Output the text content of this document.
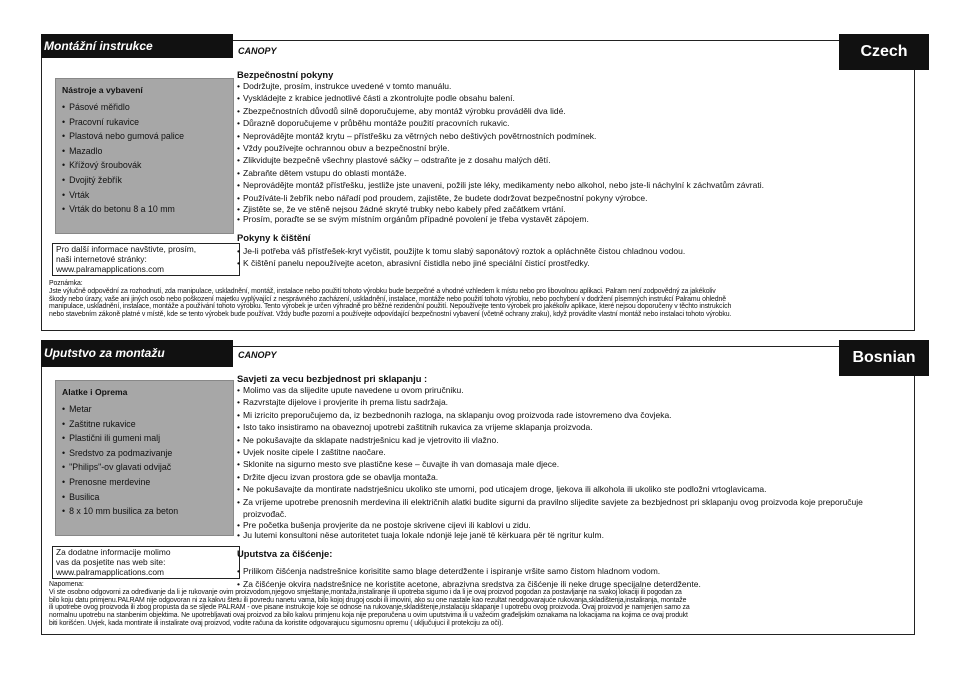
Montážní instrukce	CANOPY	Czech
Nástroje a vybavení
• Pásové měřidlo
• Pracovní rukavice
• Plastová nebo gumová palice
• Mazadlo
• Křížový šroubovák
• Dvojitý žebřík
• Vrták
• Vrták do betonu 8 a 10 mm
Pro další informace navštivte, prosím,
naši internetové stránky:
www.palramapplications.com
Bezpečnostní pokyny
• Dodržujte, prosím, instrukce uvedené v tomto manuálu.
• Vyskládejte z krabice jednotlivé části a zkontrolujte podle obsahu balení.
• Zbezpečnostních důvodů silně doporučujeme, aby montáž výrobku prováděli dva lidé.
• Důrazně doporučujeme v průběhu montáže použití pracovních rukavic.
• Neprovádějte montáž krytu – přístřešku za větrných nebo deštivých povětrnostních podmínek.
• Vždy používejte ochrannou obuv a bezpečnostní brýle.
• Zlikvidujte bezpečně všechny plastové sáčky – odstraňte je z dosahu malých dětí.
• Zabraňte dětem vstupu do oblasti montáže.
• Neprovádějte montáž přístřešku, jestliže jste unaveni, požili jste léky, medikamenty nebo alkohol, nebo jste-li náchylní k záchvatům závrati.
• Používáte-li žebřík nebo nářadí pod proudem, zajistěte, že budete dodržovat bezpečnostní pokyny výrobce.
• Zjistěte se, že ve stěně nejsou žádné skryté trubky nebo kabely před začátkem vrtání.
• Prosím, poraďte se se svým místním orgánům případné povolení je třeba vystavět zápojem.
Pokyny k čištění
• Je-li potřeba váš přístřešek-kryt vyčistit, použijte k tomu slabý saponátový roztok a opláchněte čistou chladnou vodou.
• K čištění panelu nepoužívejte aceton, abrasivní čistidla nebo jiné speciální čisticí prostředky.
Poznámka:
Jste výlučně odpovědní za rozhodnutí, zda manipulace, uskladnění, montáž, instalace nebo použití tohoto výrobku bude bezpečné a vhodné vzhledem k místu nebo pro libovolnou aplikaci. Palram není zodpovědný za jakékoliv
škody nebo úrazy, vaše ani jiných osob nebo poškození majetku vyplývající z nesprávného zacházení, uskladnění, instalace, montáže nebo použití tohoto výrobku, nebo pochybení v dodržení písemných instrukcí Palramu ohledně
manipulace, uskladnění, instalace, montáže a používání tohoto výrobku. Tento výrobek je určen výhradně pro běžné rezidenční použití. Nepoužívejte tento výrobek pro jakékoliv aplikace, které nejsou doporučeny v těchto instrukcích
nebo stavebním zákoně platné v místě, kde se tento výrobek bude používat. Vždy buďte pozorní a používejte odpovídající bezpečnostní vybavení (včetně ochrany zraku), když provádíte vlastní montáž nebo instalaci tohoto výrobku.
Uputstvo za montažu	CANOPY	Bosnian
Alatke i Oprema
• Metar
• Zaštitne rukavice
• Plastični ili gumeni malj
• Sredstvo za podmazivanje
• "Philips"-ov glavati odvijač
• Prenosne merdevine
• Busilica
• 8 x 10 mm busilica za beton
Za dodatne informacije molimo
vas da posjetite nas web site:
www.palramapplications.com
Savjeti za vecu bezbjednost pri sklapanju :
• Molimo vas da slijedite upute navedene u ovom priručniku.
• Razvrstajte dijelove i provjerite ih prema listu sadržaja.
• Mi izricito preporučujemo da, iz bezbednonih razloga, na sklapanju ovog proizvoda rade istovremeno dva čovjeka.
• Isto tako insistiramo na obaveznoj upotrebi zaštitnih rukavica za vrijeme sklapanja proizvoda.
• Ne pokušavajte da sklapate nadstrješnicu kad je vjetrovito ili vlažno.
• Uvjek nosite cipele I zaštitne naočare.
• Sklonite na sigurno mesto sve plastične kese – čuvajte ih van domasaja male djece.
• Držite djecu izvan prostora gde se obavlja montaža.
• Ne pokušavajte da montirate nadstrješnicu ukoliko ste umorni, pod uticajem droge, ljekova ili alkohola ili ukoliko ste podložni vrtoglavicama.
• Za vrijeme upotrebe prenosnih merdevina ili električnih alatki budite sigurni da pravilno slijedite savjete za bezbjednost pri sklapanju ovog proizvoda koje preporučuje proizvođač.
• Pre početka bušenja provjerite da ne postoje skrivene cijevi ili kablovi u zidu.
• Ju lutemi konsultoni nëse autoritetet tuaja lokale ndonjë leje janë të kërkuara për të ngritur kulm.
Uputstva za čišćenje:
• Prilikom čišćenja nadstrešnice korisitite samo blage deterdžente i ispiranje vršite samo čistom hladnom vodom.
• Za čišćenje okvira nadstrešnice ne koristite acetone, abrazivna sredstva za čišćenje ili neke druge specijalne deterdžente.
Napomena:
Vi ste osobno odgovorni za određivanje da li je rukovanje ovim proizvodom,njegovo smještanje,montaža,instaliranje ili upotreba sigurno i da li je ovaj proizvod pogodan za postavljanje na svakoj lokaciji ili pogodan za
bilo koju datu primjenu.PALRAM nije odgovoran ni za kakvu štetu ili povredu nanetu vama, bilo kojoj drugoj osobi ili imovini, ako su one nastale kao rezultat neodgovarajuće rukovanja,skladištenja,instaliranja, montaže
ili upotrebe ovog proizvoda ili zbog propusta da se sljede PALRAM - ove pisane instrukcije koje se odnose na rukovanje,skladištenje,instalaciju sklapanje I upotrebu ovog proizvoda. Ovaj proizvod je namjenjen samo za
normalnu upotrebu na stanbenim objektima. Ne upotrebljavati ovaj proizvod za bilo kakvu primjenu koja nije preporučena u ovim uputstvima ili u važećim građeljskim oznakama na lokacijama na kojima ce ovaj produkt
biti korišćen. Uvjek, kada montirate ili instalirate ovaj proizvod, vodite računa da koristite odgovarajucu sigurnosnu opremu ( uključujuci il protekciju za oči).
